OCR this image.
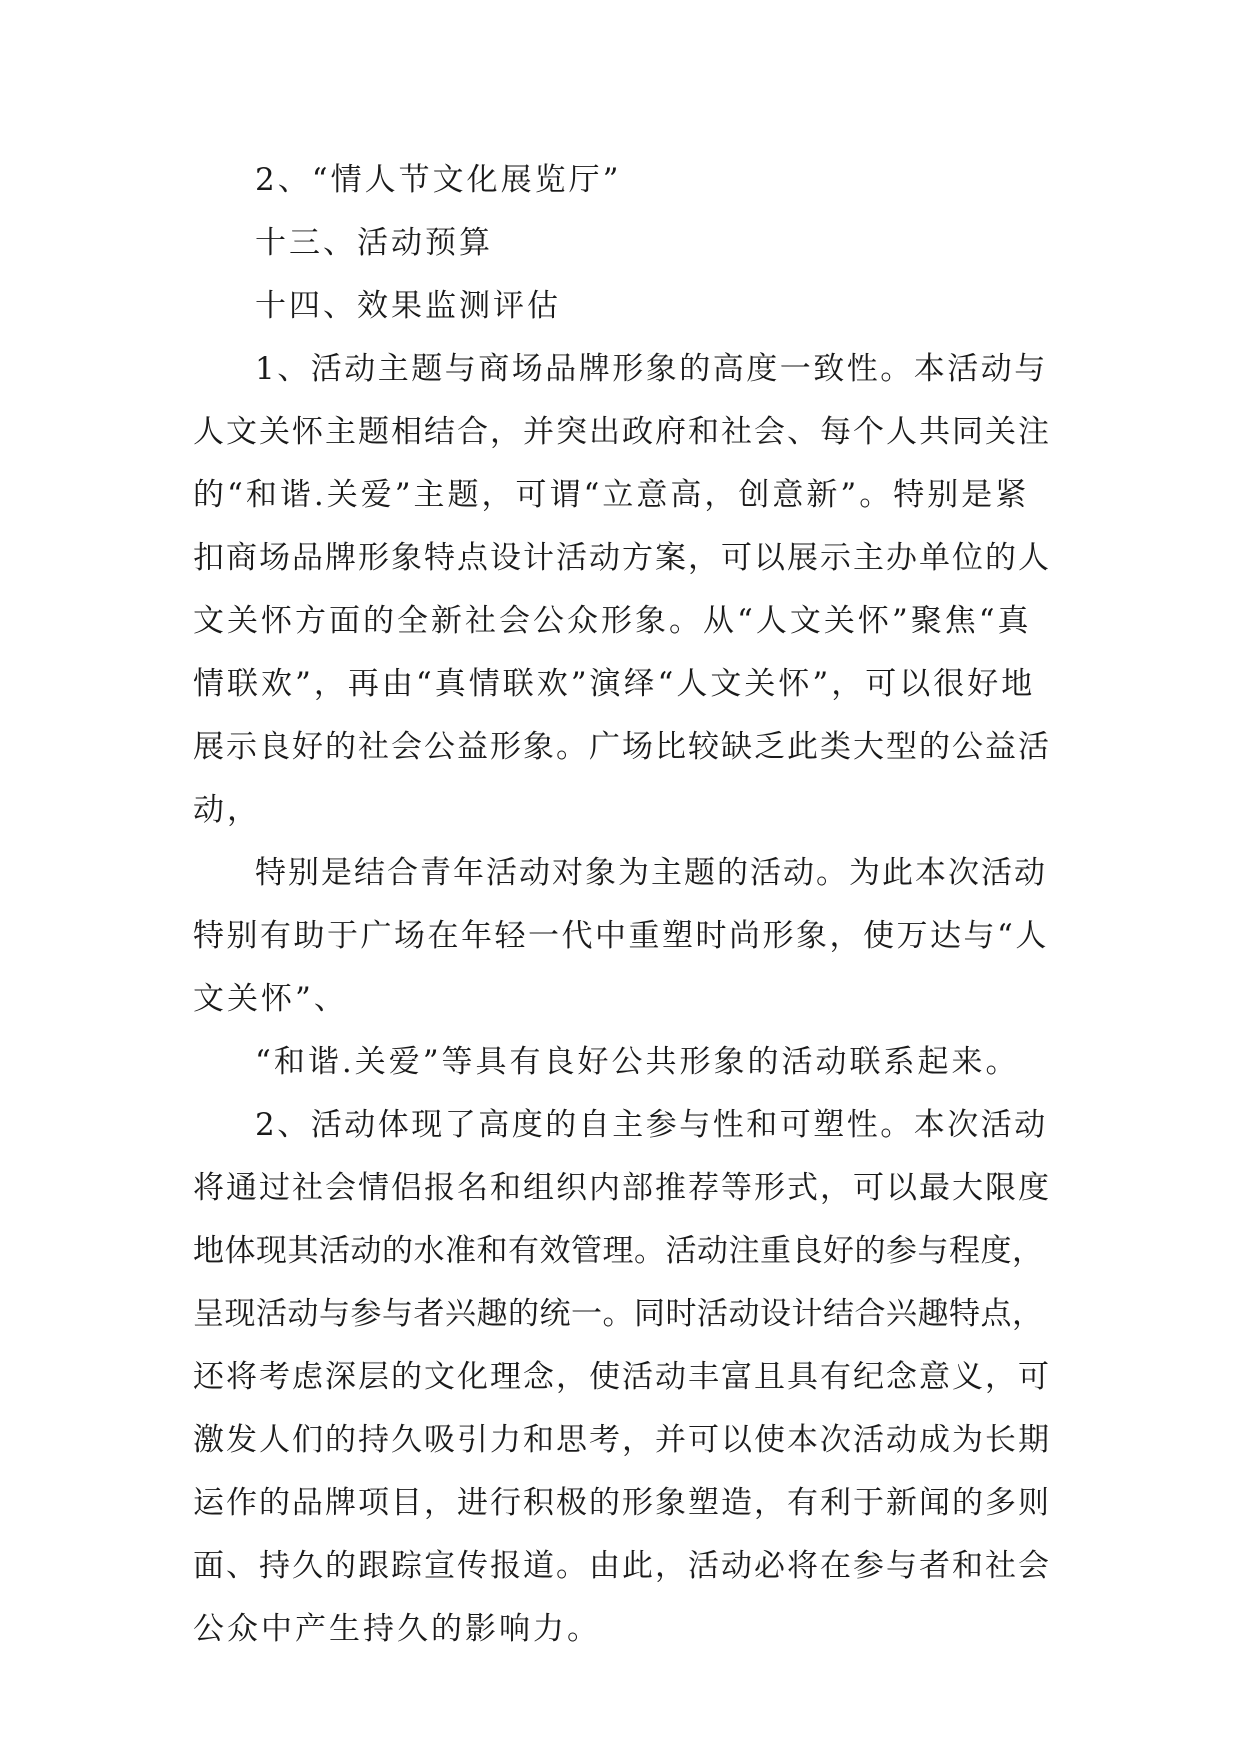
2、“情人节文化展览厅”
十三、活动预算
十四、效果监测评估
1、活动主题与商场品牌形象的高度一致性。本活动与
人文关怀主题相结合，并突出政府和社会、每个人共同关注
的“和谐.关爱”主题，可谓“立意高，创意新”。特别是紧
扣商场品牌形象特点设计活动方案，可以展示主办单位的人
文关怀方面的全新社会公众形象。从“人文关怀”聚焦“真
情联欢”，再由“真情联欢”演绎“人文关怀”，可以很好地
展示良好的社会公益形象。广场比较缺乏此类大型的公益活
动，
特别是结合青年活动对象为主题的活动。为此本次活动
特别有助于广场在年轻一代中重塑时尚形象，使万达与“人
文关怀”、
“和谐.关爱”等具有良好公共形象的活动联系起来。
2、活动体现了高度的自主参与性和可塑性。本次活动
将通过社会情侣报名和组织内部推荐等形式，可以最大限度
地体现其活动的水准和有效管理。活动注重良好的参与程度，
呈现活动与参与者兴趣的统一。同时活动设计结合兴趣特点，
还将考虑深层的文化理念，使活动丰富且具有纪念意义，可
激发人们的持久吸引力和思考，并可以使本次活动成为长期
运作的品牌项目，进行积极的形象塑造，有利于新闻的多则
面、持久的跟踪宣传报道。由此，活动必将在参与者和社会
公众中产生持久的影响力。
